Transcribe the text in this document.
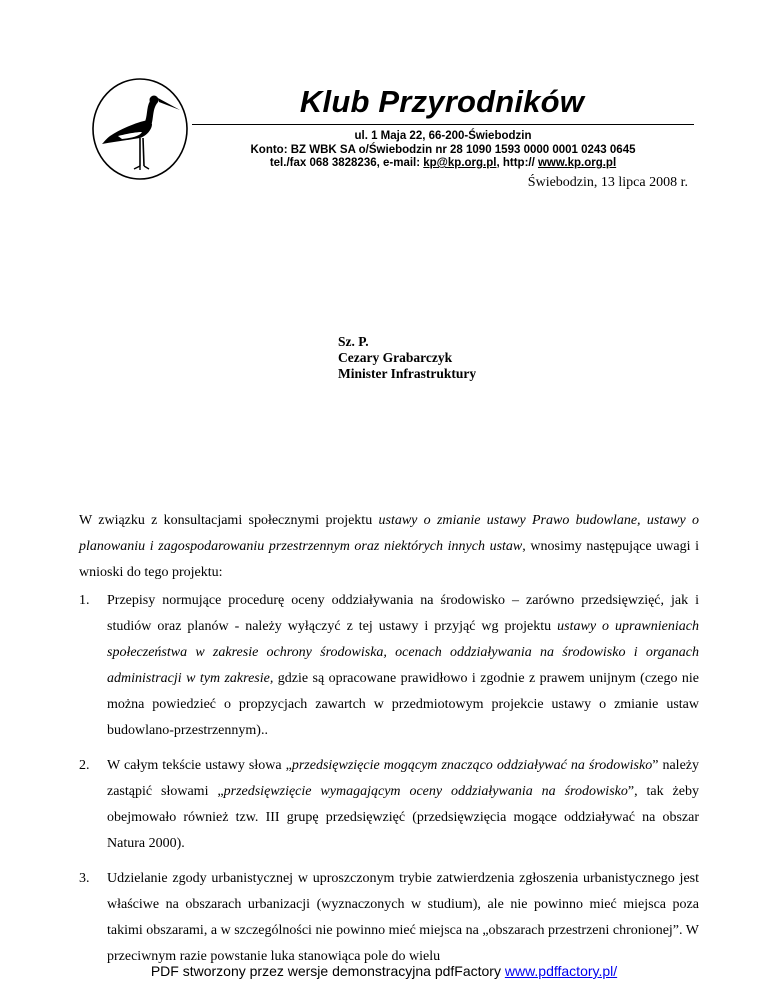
Klub Przyrodników
ul. 1 Maja 22, 66-200-Świebodzin
Konto: BZ WBK SA o/Świebodzin nr 28 1090 1593 0000 0001 0243 0645
tel./fax 068 3828236, e-mail: kp@kp.org.pl, http:// www.kp.org.pl
Świebodzin, 13 lipca 2008 r.
Sz. P.
Cezary Grabarczyk
Minister Infrastruktury
W związku z konsultacjami społecznymi projektu ustawy o zmianie ustawy Prawo budowlane, ustawy o planowaniu i zagospodarowaniu przestrzennym oraz niektórych innych ustaw, wnosimy następujące uwagi i wnioski do tego projektu:
1. Przepisy normujące procedurę oceny oddziaływania na środowisko – zarówno przedsięwzięć, jak i studiów oraz planów - należy wyłączyć z tej ustawy i przyjąć wg projektu ustawy o uprawnieniach społeczeństwa w zakresie ochrony środowiska, ocenach oddziaływania na środowisko i organach administracji w tym zakresie, gdzie są opracowane prawidłowo i zgodnie z prawem unijnym (czego nie można powiedzieć o propzycjach zawartch w przedmiotowym projekcie ustawy o zmianie ustaw budowlano-przestrzennym)..
2. W całym tekście ustawy słowa „przedsięwzięcie mogącym znacząco oddziaływać na środowisko” należy zastąpić słowami „przedsięwzięcie wymagającym oceny oddziaływania na środowisko”, tak żeby obejmowało również tzw. III grupę przedsięwzięć (przedsięwzięcia mogące oddziaływać na obszar Natura 2000).
3. Udzielanie zgody urbanistycznej w uproszczonym trybie zatwierdzenia zgłoszenia urbanistycznego jest właściwe na obszarach urbanizacji (wyznaczonych w studium), ale nie powinno mieć miejsca poza takimi obszarami, a w szczególności nie powinno mieć miejsca na „obszarach przestrzeni chronionej”. W przeciwnym razie powstanie luka stanowiąca pole do wielu
PDF stworzony przez wersje demonstracyjna pdfFactory www.pdffactory.pl/
